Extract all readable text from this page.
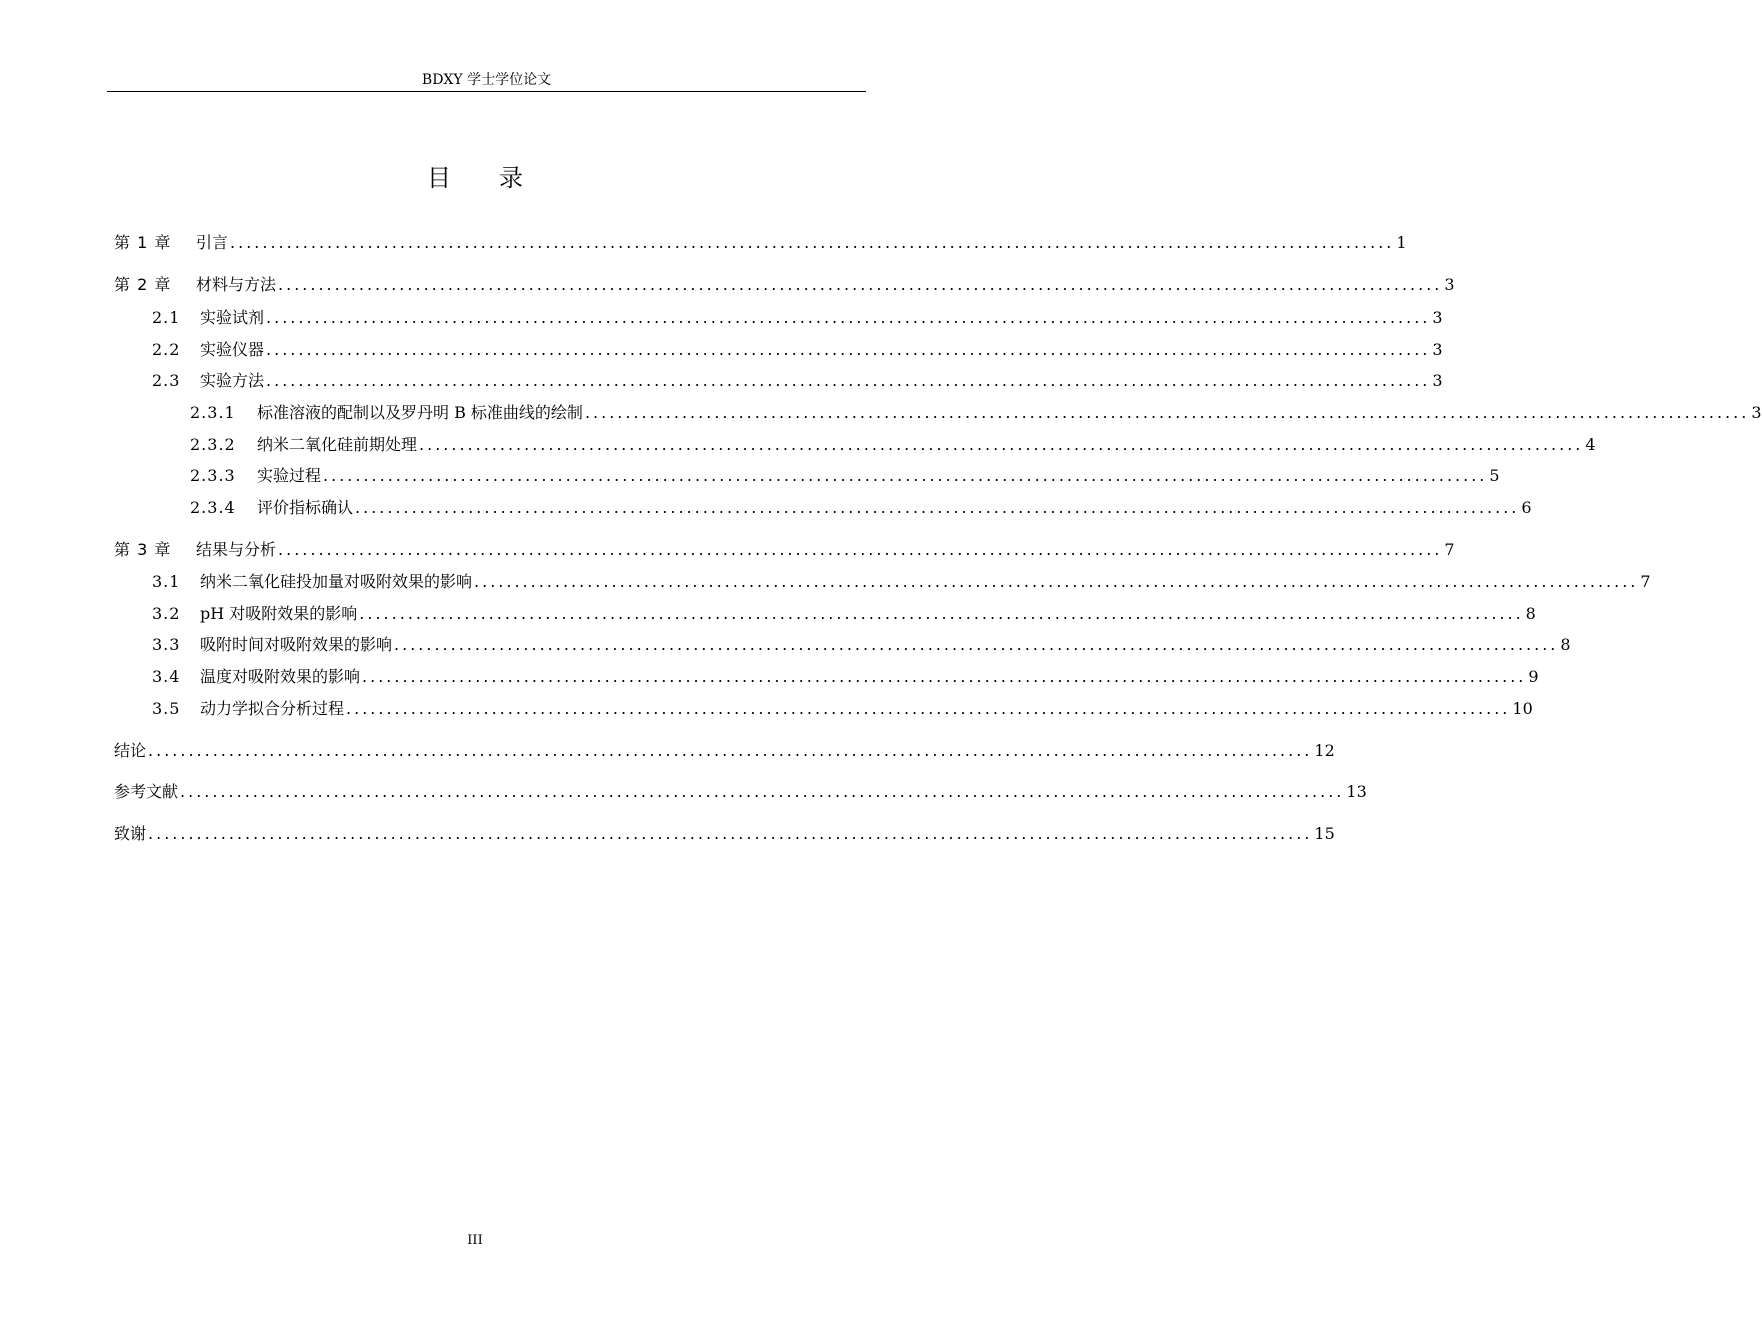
BDXY 学士学位论文
目录
第 1 章	引言 ................................................................................................................................................ 1
第 2 章	材料与方法 ................................................................................................................................................ 3
2.1	实验试剂 ................................................................................................................................................ 3
2.2	实验仪器 ................................................................................................................................................ 3
2.3	实验方法 ................................................................................................................................................ 3
2.3.1	标准溶液的配制以及罗丹明 B 标准曲线的绘制 ................................................................................................................................................ 3
2.3.2	纳米二氧化硅前期处理 ................................................................................................................................................ 4
2.3.3	实验过程 ................................................................................................................................................ 5
2.3.4	评价指标确认 ................................................................................................................................................ 6
第 3 章	结果与分析 ................................................................................................................................................ 7
3.1	纳米二氧化硅投加量对吸附效果的影响 ................................................................................................................................................ 7
3.2	pH 对吸附效果的影响 ................................................................................................................................................ 8
3.3	吸附时间对吸附效果的影响 ................................................................................................................................................ 8
3.4	温度对吸附效果的影响 ................................................................................................................................................ 9
3.5	动力学拟合分析过程 ................................................................................................................................................ 10
结论 ................................................................................................................................................ 12
参考文献 ................................................................................................................................................ 13
致谢 ................................................................................................................................................ 15
III
